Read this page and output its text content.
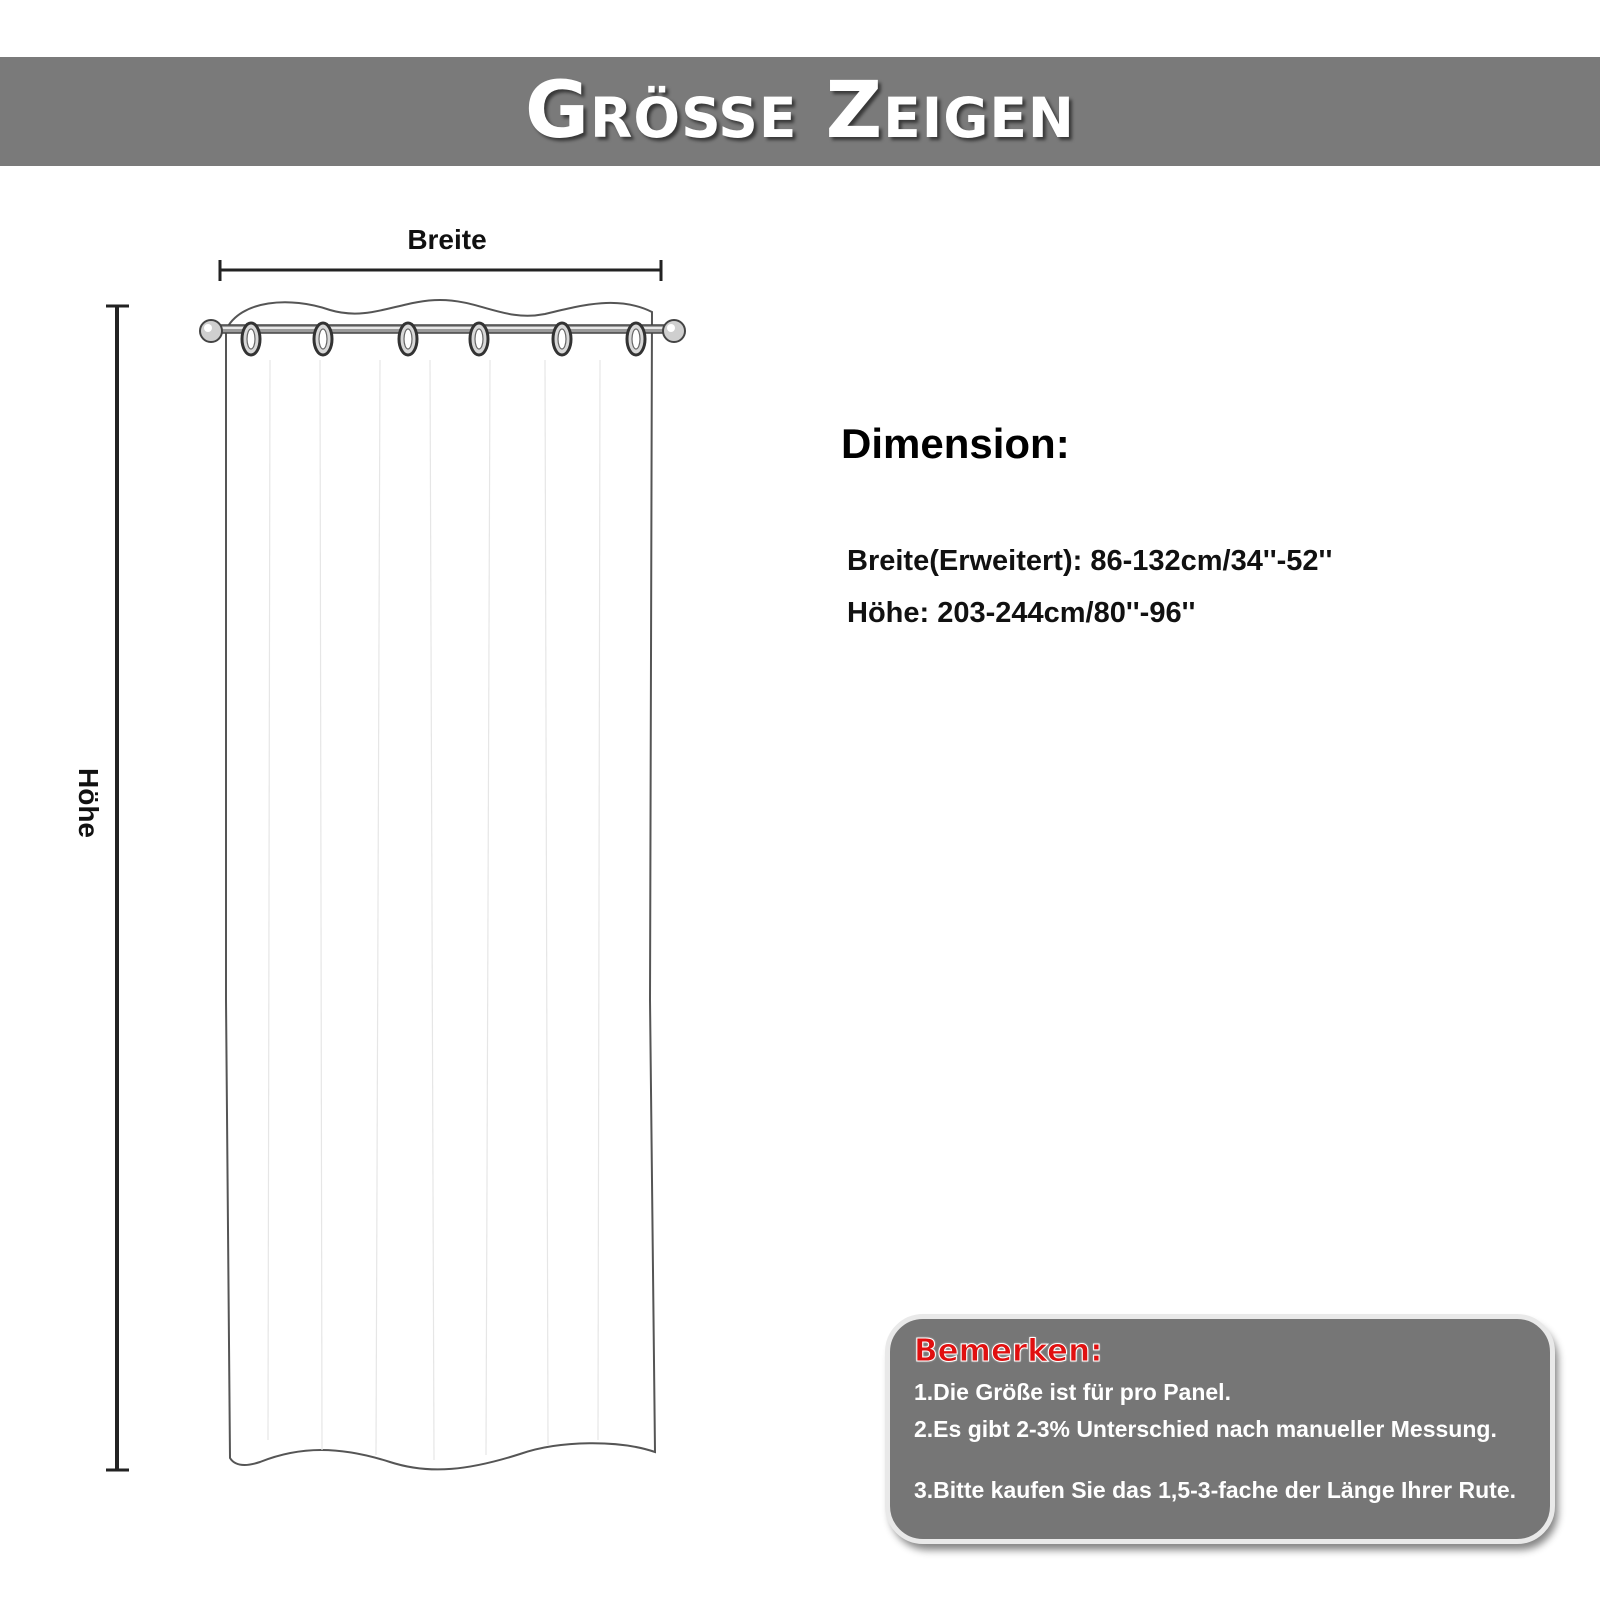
Größe Zeigen
Breite
Höhe
Dimension:
Breite(Erweitert): 86-132cm/34''-52''
Höhe: 203-244cm/80''-96''
Bemerken:
1.Die Größe ist für pro Panel.
2.Es gibt 2-3% Unterschied nach manueller Messung.
3.Bitte kaufen Sie das 1,5-3-fache der Länge Ihrer Rute.
